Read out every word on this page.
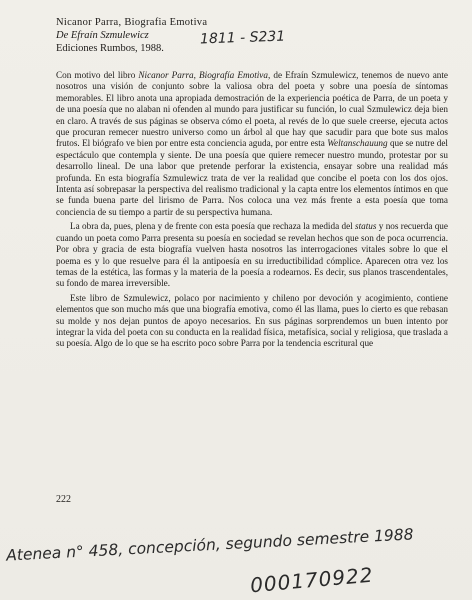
Nicanor Parra, Biografia Emotiva
De Efraín Szmulewicz
Ediciones Rumbos, 1988.
1811 - S231

Con motivo del libro Nicanor Parra, Biografía Emotiva, de Efraín Szmulewicz, tenemos de nuevo ante nosotros una visión de conjunto sobre la valiosa obra del poeta y sobre una poesía de síntomas memorables. El libro anota una apropiada demostración de la experiencia poética de Parra, de un poeta y de una poesía que no alaban ni ofenden al mundo para justificar su función, lo cual Szmulewicz deja bien en claro. A través de sus páginas se observa cómo el poeta, al revés de lo que suele creerse, ejecuta actos que procuran remecer nuestro universo como un árbol al que hay que sacudir para que bote sus malos frutos. El biógrafo ve bien por entre esta conciencia aguda, por entre esta Weltanschauung que se nutre del espectáculo que contempla y siente. De una poesía que quiere remecer nuestro mundo, protestar por su desarrollo lineal. De una labor que pretende perforar la existencia, ensayar sobre una realidad más profunda. En esta biografía Szmulewicz trata de ver la realidad que concibe el poeta con los dos ojos. Intenta así sobrepasar la perspectiva del realismo tradicional y la capta entre los elementos íntimos en que se funda buena parte del lirismo de Parra. Nos coloca una vez más frente a esta poesía que toma conciencia de su tiempo a partir de su perspectiva humana.

La obra da, pues, plena y de frente con esta poesía que rechaza la medida del status y nos recuerda que cuando un poeta como Parra presenta su poesía en sociedad se revelan hechos que son de poca ocurrencia. Por obra y gracia de esta biografía vuelven hasta nosotros las interrogaciones vitales sobre lo que el poema es y lo que resuelve para él la antipoesía en su irreductibilidad cómplice. Aparecen otra vez los temas de la estética, las formas y la materia de la poesía a rodearnos. Es decir, sus planos trascendentales, su fondo de marea irreversible.

Este libro de Szmulewicz, polaco por nacimiento y chileno por devoción y acogimiento, contiene elementos que son mucho más que una biografía emotiva, como él las llama, pues lo cierto es que rebasan su molde y nos dejan puntos de apoyo necesarios. En sus páginas sorprendemos un buen intento por integrar la vida del poeta con su conducta en la realidad física, metafísica, social y religiosa, que traslada a su poesía. Algo de lo que se ha escrito poco sobre Parra por la tendencia escritural que

222
Atenea n° 458, concepción, segundo semestre 1988
000170922
